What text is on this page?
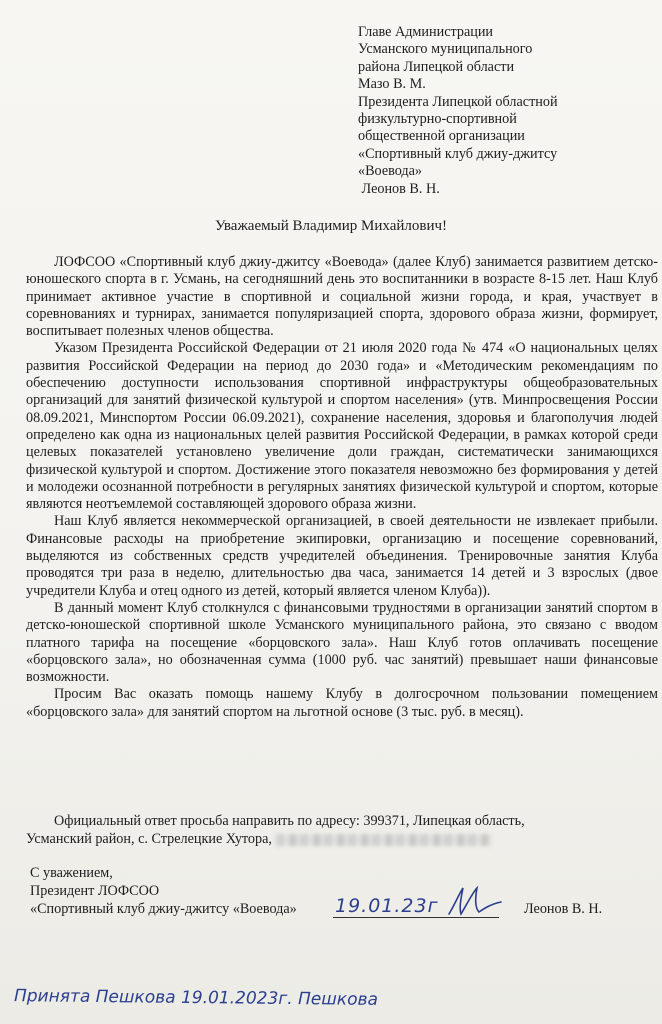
Главе Администрации
Усманского муниципального
района Липецкой области
Мазо В. М.
Президента Липецкой областной
физкультурно-спортивной
общественной организации
«Спортивный клуб джиу-джитсу
«Воевода»
Леонов В. Н.
Уважаемый Владимир Михайлович!

ЛОФСОО «Спортивный клуб джиу-джитсу «Воевода» (далее Клуб) занимается развитием детско-юношеского спорта в г. Усмань, на сегодняшний день это воспитанники в возрасте 8-15 лет. Наш Клуб принимает активное участие в спортивной и социальной жизни города, и края, участвует в соревнованиях и турнирах, занимается популяризацией спорта, здорового образа жизни, формирует, воспитывает полезных членов общества.

Указом Президента Российской Федерации от 21 июля 2020 года № 474 «О национальных целях развития Российской Федерации на период до 2030 года» и «Методическим рекомендациям по обеспечению доступности использования спортивной инфраструктуры общеобразовательных организаций для занятий физической культурой и спортом населения» (утв. Минпросвещения России 08.09.2021, Минспортом России 06.09.2021), сохранение населения, здоровья и благополучия людей определено как одна из национальных целей развития Российской Федерации, в рамках которой среди целевых показателей установлено увеличение доли граждан, систематически занимающихся физической культурой и спортом. Достижение этого показателя невозможно без формирования у детей и молодежи осознанной потребности в регулярных занятиях физической культурой и спортом, которые являются неотъемлемой составляющей здорового образа жизни.

Наш Клуб является некоммерческой организацией, в своей деятельности не извлекает прибыли. Финансовые расходы на приобретение экипировки, организацию и посещение соревнований, выделяются из собственных средств учредителей объединения. Тренировочные занятия Клуба проводятся три раза в неделю, длительностью два часа, занимается 14 детей и 3 взрослых (двое учредители Клуба и отец одного из детей, который является членом Клуба)).

В данный момент Клуб столкнулся с финансовыми трудностями в организации занятий спортом в детско-юношеской спортивной школе Усманского муниципального района, это связано с вводом платного тарифа на посещение «борцовского зала». Наш Клуб готов оплачивать посещение «борцовского зала», но обозначенная сумма (1000 руб. час занятий) превышает наши финансовые возможности.

Просим Вас оказать помощь нашему Клубу в долгосрочном пользовании помещением «борцовского зала» для занятий спортом на льготной основе (3 тыс. руб. в месяц).

Официальный ответ просьба направить по адресу: 399371, Липецкая область,

Усманский район, с. Стрелецкие Хутора,

С уважением,

Президент ЛОФСОО

«Спортивный клуб джиу-джитсу «Воевода»	19.01.23г	Леонов В. Н.
Принята Пешкова 19.01.2023г. Пешкова
